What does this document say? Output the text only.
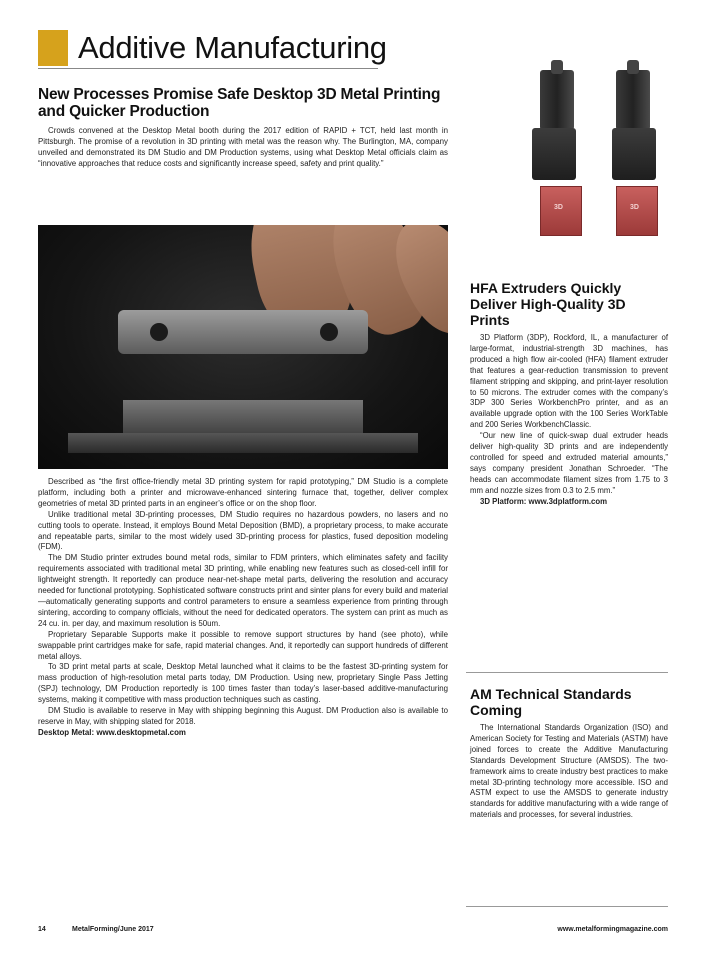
Additive Manufacturing
New Processes Promise Safe Desktop 3D Metal Printing and Quicker Production

Crowds convened at the Desktop Metal booth during the 2017 edition of RAPID + TCT, held last month in Pittsburgh. The promise of a revolution in 3D printing with metal was the reason why. The Burlington, MA, company unveiled and demonstrated its DM Studio and DM Production systems, using what Desktop Metal officials claim as “innovative approaches that reduce costs and significantly increase speed, safety and print quality.”

Described as “the first office-friendly metal 3D printing system for rapid prototyping,” DM Studio is a complete platform, including both a printer and microwave-enhanced sintering furnace that, together, deliver complex geometries of metal 3D printed parts in an engineer’s office or on the shop floor.

Unlike traditional metal 3D-printing processes, DM Studio requires no hazardous powders, no lasers and no cutting tools to operate. Instead, it employs Bound Metal Deposition (BMD), a proprietary process, to make accurate and repeatable parts, similar to the most widely used 3D-printing process for plastics, fused deposition modeling (FDM).

The DM Studio printer extrudes bound metal rods, similar to FDM printers, which eliminates safety and facility requirements associated with traditional metal 3D printing, while enabling new features such as closed-cell infill for lightweight strength. It reportedly can produce near-net-shape metal parts, delivering the resolution and accuracy needed for functional prototyping. Sophisticated software constructs print and sinter plans for every build and material—automatically generating supports and control parameters to ensure a seamless experience from printing through sintering, according to company officials, without the need for dedicated operators. The system can print as much as 24 cu. in. per day, and maximum resolution is 50um.

Proprietary Separable Supports make it possible to remove support structures by hand (see photo), while swappable print cartridges make for safe, rapid material changes. And, it reportedly can support hundreds of different metal alloys.

To 3D print metal parts at scale, Desktop Metal launched what it claims to be the fastest 3D-printing system for mass production of high-resolution metal parts today, DM Production. Using new, proprietary Single Pass Jetting (SPJ) technology, DM Production reportedly is 100 times faster than today’s laser-based additive-manufacturing systems, making it competitive with mass production techniques such as casting.

DM Studio is available to reserve in May with shipping beginning this August. DM Production also is available to reserve in May, with shipping slated for 2018.

Desktop Metal: www.desktopmetal.com

3D	3D
HFA Extruders Quickly Deliver High-Quality 3D Prints

3D Platform (3DP), Rockford, IL, a manufacturer of large-format, industrial-strength 3D machines, has produced a high flow air-cooled (HFA) filament extruder that features a gear-reduction transmission to prevent filament stripping and skipping, and print-layer resolution to 50 microns. The extruder comes with the company’s 3DP 300 Series WorkbenchPro printer, and as an available upgrade option with the 100 Series WorkTable and 200 Series WorkbenchClassic.

“Our new line of quick-swap dual extruder heads deliver high-quality 3D prints and are independently controlled for speed and extruded material amounts,” says company president Jonathan Schroeder. “The heads can accommodate filament sizes from 1.75 to 3 mm and nozzle sizes from 0.3 to 2.5 mm.”

3D Platform: www.3dplatform.com

AM Technical Standards Coming

The International Standards Organization (ISO) and American Society for Testing and Materials (ASTM) have joined forces to create the Additive Manufacturing Standards Development Structure (AMSDS). The two-framework aims to create industry best practices to make metal 3D-printing technology more accessible. ISO and ASTM expect to use the AMSDS to generate industry standards for additive manufacturing with a wide range of materials and processes, for several industries.

14	MetalForming/June 2017	www.metalformingmagazine.com
